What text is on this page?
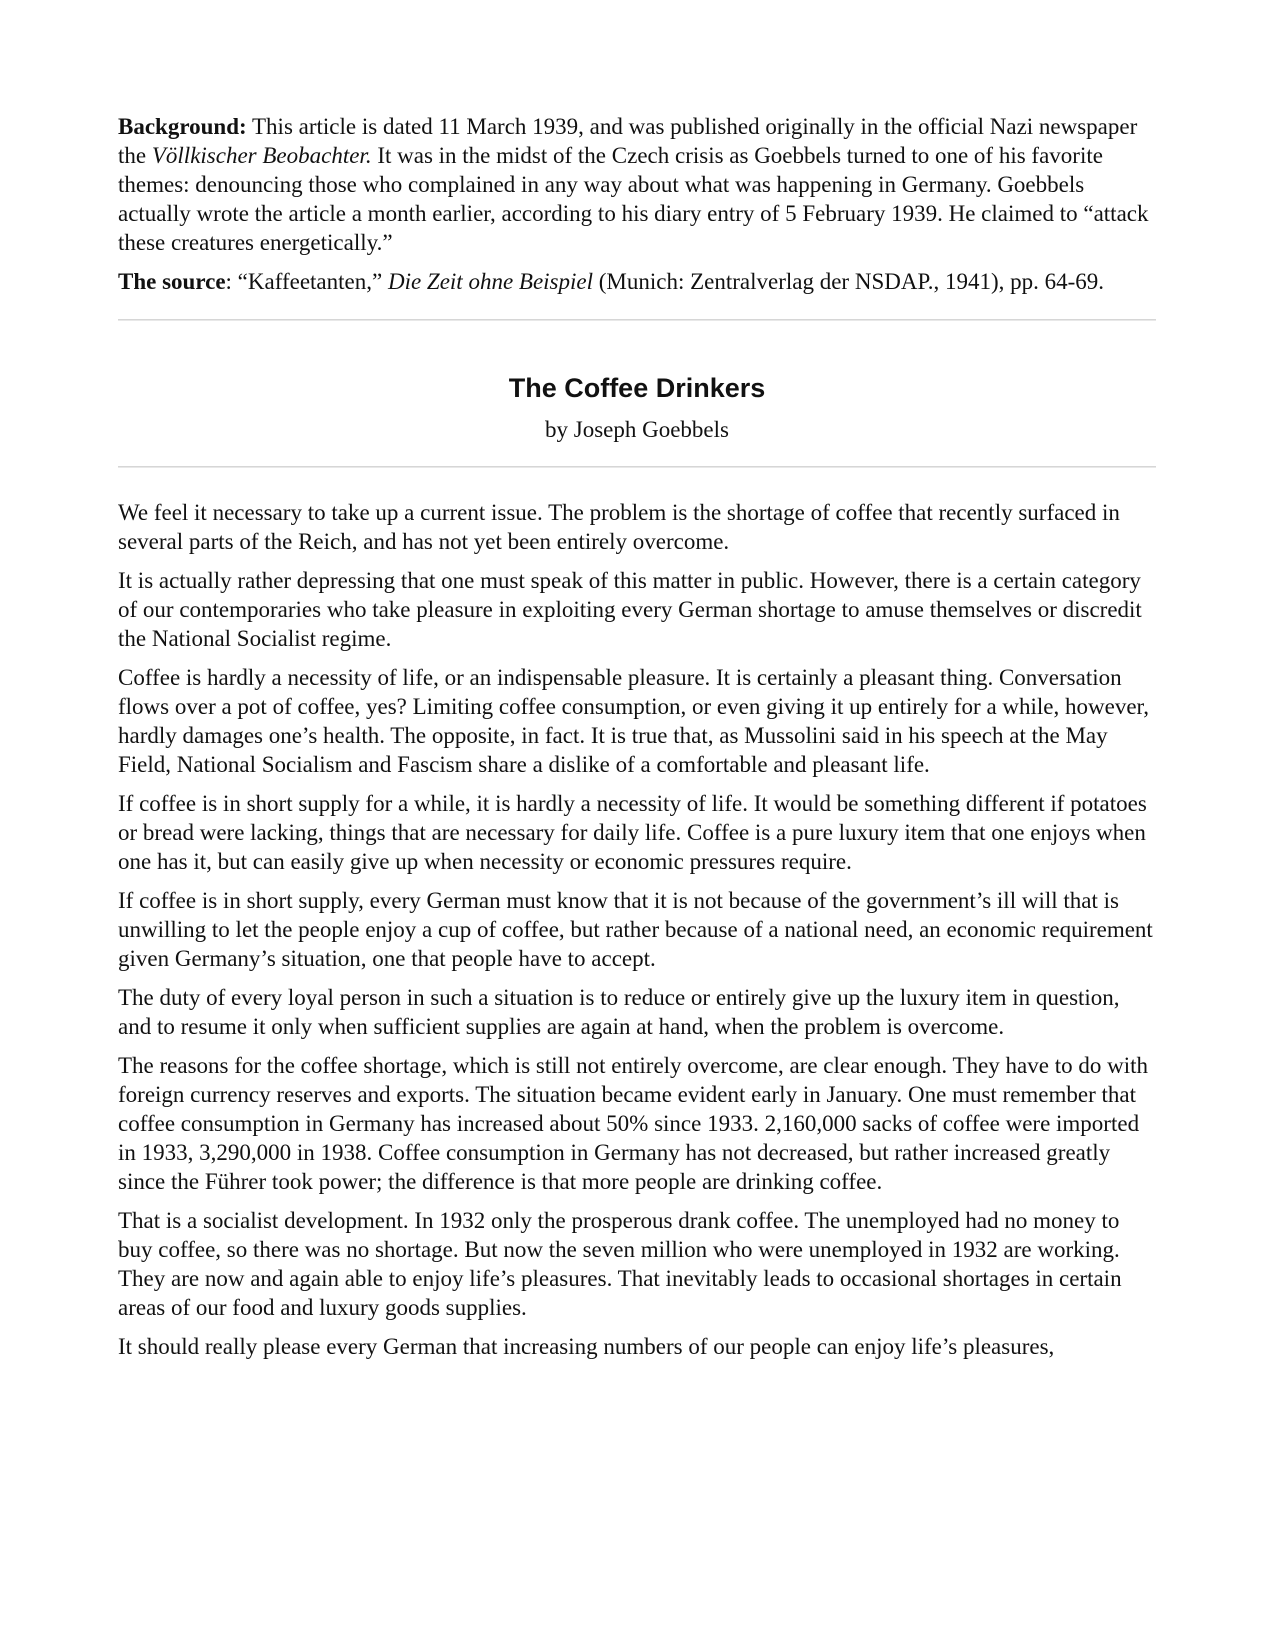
Background: This article is dated 11 March 1939, and was published originally in the official Nazi newspaper the Völlkischer Beobachter. It was in the midst of the Czech crisis as Goebbels turned to one of his favorite themes: denouncing those who complained in any way about what was happening in Germany. Goebbels actually wrote the article a month earlier, according to his diary entry of 5 February 1939. He claimed to “attack these creatures energetically.”

The source: “Kaffeetanten,” Die Zeit ohne Beispiel (Munich: Zentralverlag der NSDAP., 1941), pp. 64-69.

The Coffee Drinkers
by Joseph Goebbels

We feel it necessary to take up a current issue. The problem is the shortage of coffee that recently surfaced in several parts of the Reich, and has not yet been entirely overcome.

It is actually rather depressing that one must speak of this matter in public. However, there is a certain category of our contemporaries who take pleasure in exploiting every German shortage to amuse themselves or discredit the National Socialist regime.

Coffee is hardly a necessity of life, or an indispensable pleasure. It is certainly a pleasant thing. Conversation flows over a pot of coffee, yes? Limiting coffee consumption, or even giving it up entirely for a while, however, hardly damages one’s health. The opposite, in fact. It is true that, as Mussolini said in his speech at the May Field, National Socialism and Fascism share a dislike of a comfortable and pleasant life.

If coffee is in short supply for a while, it is hardly a necessity of life. It would be something different if potatoes or bread were lacking, things that are necessary for daily life. Coffee is a pure luxury item that one enjoys when one has it, but can easily give up when necessity or economic pressures require.

If coffee is in short supply, every German must know that it is not because of the government’s ill will that is unwilling to let the people enjoy a cup of coffee, but rather because of a national need, an economic requirement given Germany’s situation, one that people have to accept.

The duty of every loyal person in such a situation is to reduce or entirely give up the luxury item in question, and to resume it only when sufficient supplies are again at hand, when the problem is overcome.

The reasons for the coffee shortage, which is still not entirely overcome, are clear enough. They have to do with foreign currency reserves and exports. The situation became evident early in January. One must remember that coffee consumption in Germany has increased about 50% since 1933. 2,160,000 sacks of coffee were imported in 1933, 3,290,000 in 1938. Coffee consumption in Germany has not decreased, but rather increased greatly since the Führer took power; the difference is that more people are drinking coffee.

That is a socialist development. In 1932 only the prosperous drank coffee. The unemployed had no money to buy coffee, so there was no shortage. But now the seven million who were unemployed in 1932 are working. They are now and again able to enjoy life’s pleasures. That inevitably leads to occasional shortages in certain areas of our food and luxury goods supplies.

It should really please every German that increasing numbers of our people can enjoy life’s pleasures,
